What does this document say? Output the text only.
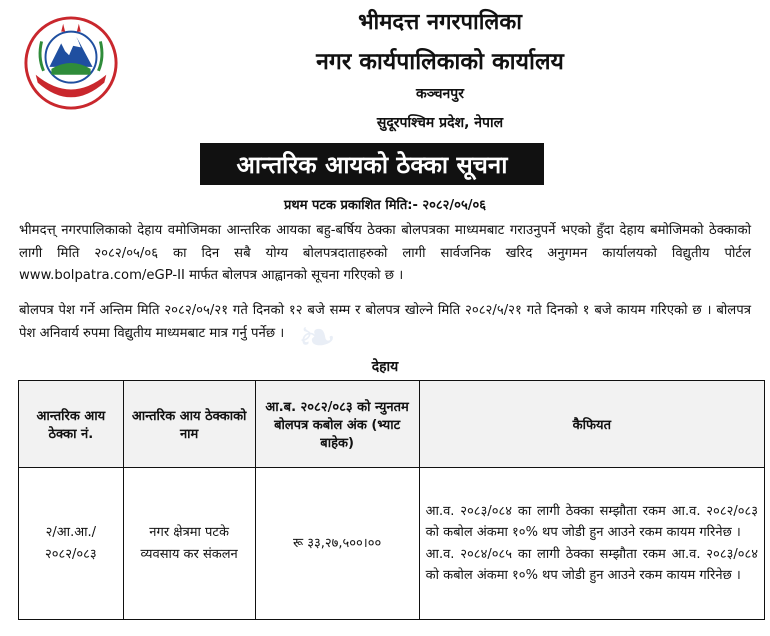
भीमदत्त नगरपालिका
नगर कार्यपालिकाको कार्यालय
कञ्चनपुर
सुदूरपश्चिम प्रदेश, नेपाल
आन्तरिक आयको ठेक्का सूचना
प्रथम पटक प्रकाशित मिति:- २०८२/०५/०६
❧
भीमदत्त् नगरपालिकाको देहाय वमोजिमका आन्तरिक आयका बहु-बर्षिय ठेक्का बोलपत्रका माध्यमबाट गराउनुपर्ने भएको हुँदा देहाय बमोजिमको ठेक्काको लागी मिति २०८२/०५/०६ का दिन सबै योग्य बोलपत्रदाताहरुको लागी सार्वजनिक खरिद अनुगमन कार्यालयको विद्युतीय पोर्टल www.bolpatra.com/eGP-II मार्फत बोलपत्र आह्वानको सूचना गरिएको छ ।
बोलपत्र पेश गर्ने अन्तिम मिति २०८२/०५/२१ गते दिनको १२ बजे सम्म र बोलपत्र खोल्ने मिति २०८२/५/२१ गते दिनको १ बजे कायम गरिएको छ । बोलपत्र पेश अनिवार्य रुपमा विद्युतीय माध्यमबाट मात्र गर्नु पर्नेछ ।
देहाय
आन्तरिक आय ठेक्का नं.	आन्तरिक आय ठेक्काको नाम	आ.ब. २०८२/०८३ को न्युनतम बोलपत्र कबोल अंक (भ्याट बाहेक)	कैफियत
२/आ.आ./ २०८२/०८३	नगर क्षेत्रमा पटके व्यवसाय कर संकलन	रू ३३,२७,५००।००	आ.व. २०८३/०८४ का लागी ठेक्का सम्झौता रकम आ.व. २०८२/०८३ को कबोल अंकमा १०% थप जोडी हुन आउने रकम कायम गरिनेछ ।
आ.व. २०८४/०८५ का लागी ठेक्का सम्झौता रकम आ.व. २०८३/०८४ को कबोल अंकमा १०% थप जोडी हुन आउने रकम कायम गरिनेछ ।
